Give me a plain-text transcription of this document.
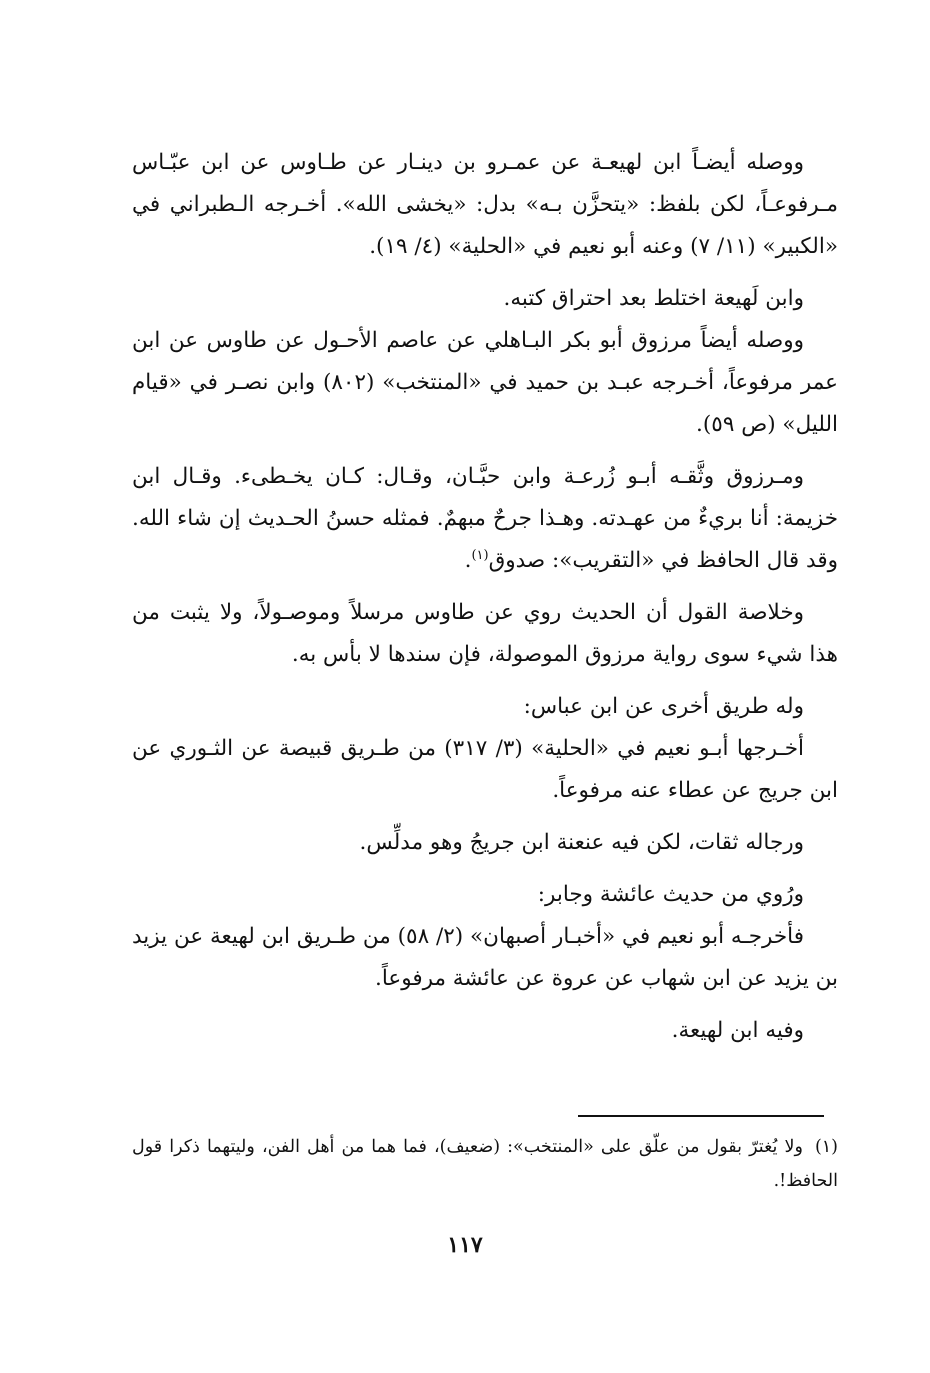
ووصله أيضـاً ابن لهيعـة عن عمـرو بن دينـار عن طـاوس عن ابن عبّـاس مـرفوعـاً، لكن بلفظ: «يتحزَّن بـه» بدل: «يخشى الله». أخـرجه الـطبراني في «الكبير» (١١/ ٧) وعنه أبو نعيم في «الحلية» (٤/ ١٩).

وابن لَهيعة اختلط بعد احتراق كتبه.

ووصله أيضاً مرزوق أبو بكر البـاهلي عن عاصم الأحـول عن طاوس عن ابن عمر مرفوعاً، أخـرجه عبـد بن حميد في «المنتخب» (٨٠٢) وابن نصـر في «قيام الليل» (ص ٥٩).

ومـرزوق وثَّقـه أبـو زُرعـة وابن حبَّـان، وقـال: كـان يخـطىء. وقـال ابن خزيمة: أنا بريءٌ من عهـدته. وهـذا جرحٌ مبهمٌ. فمثله حسنُ الحـديث إن شاء الله. وقد قال الحافظ في «التقريب»: صدوق$^{(١)}$.

وخلاصة القول أن الحديث روي عن طاوس مرسلاً وموصـولاً، ولا يثبت من هذا شيء سوى رواية مرزوق الموصولة، فإن سندها لا بأس به.

وله طريق أخرى عن ابن عباس:

أخـرجها أبـو نعيم في «الحلية» (٣/ ٣١٧) من طـريق قبيصة عن الثـوري عن ابن جريج عن عطاء عنه مرفوعاً.

ورجاله ثقات، لكن فيه عنعنة ابن جريجُ وهو مدلِّس.

ورُوي من حديث عائشة وجابر:

فأخرجـه أبو نعيم في «أخبـار أصبهان» (٢/ ٥٨) من طـريق ابن لهيعة عن يزيد بن يزيد عن ابن شهاب عن عروة عن عائشة مرفوعاً.

وفيه ابن لهيعة.

(١)ولا يُغترّ بقول من علّق على «المنتخب»: (ضعيف)، فما هما من أهل الفن، وليتهما ذكرا قول الحافظ!.
١١٧
